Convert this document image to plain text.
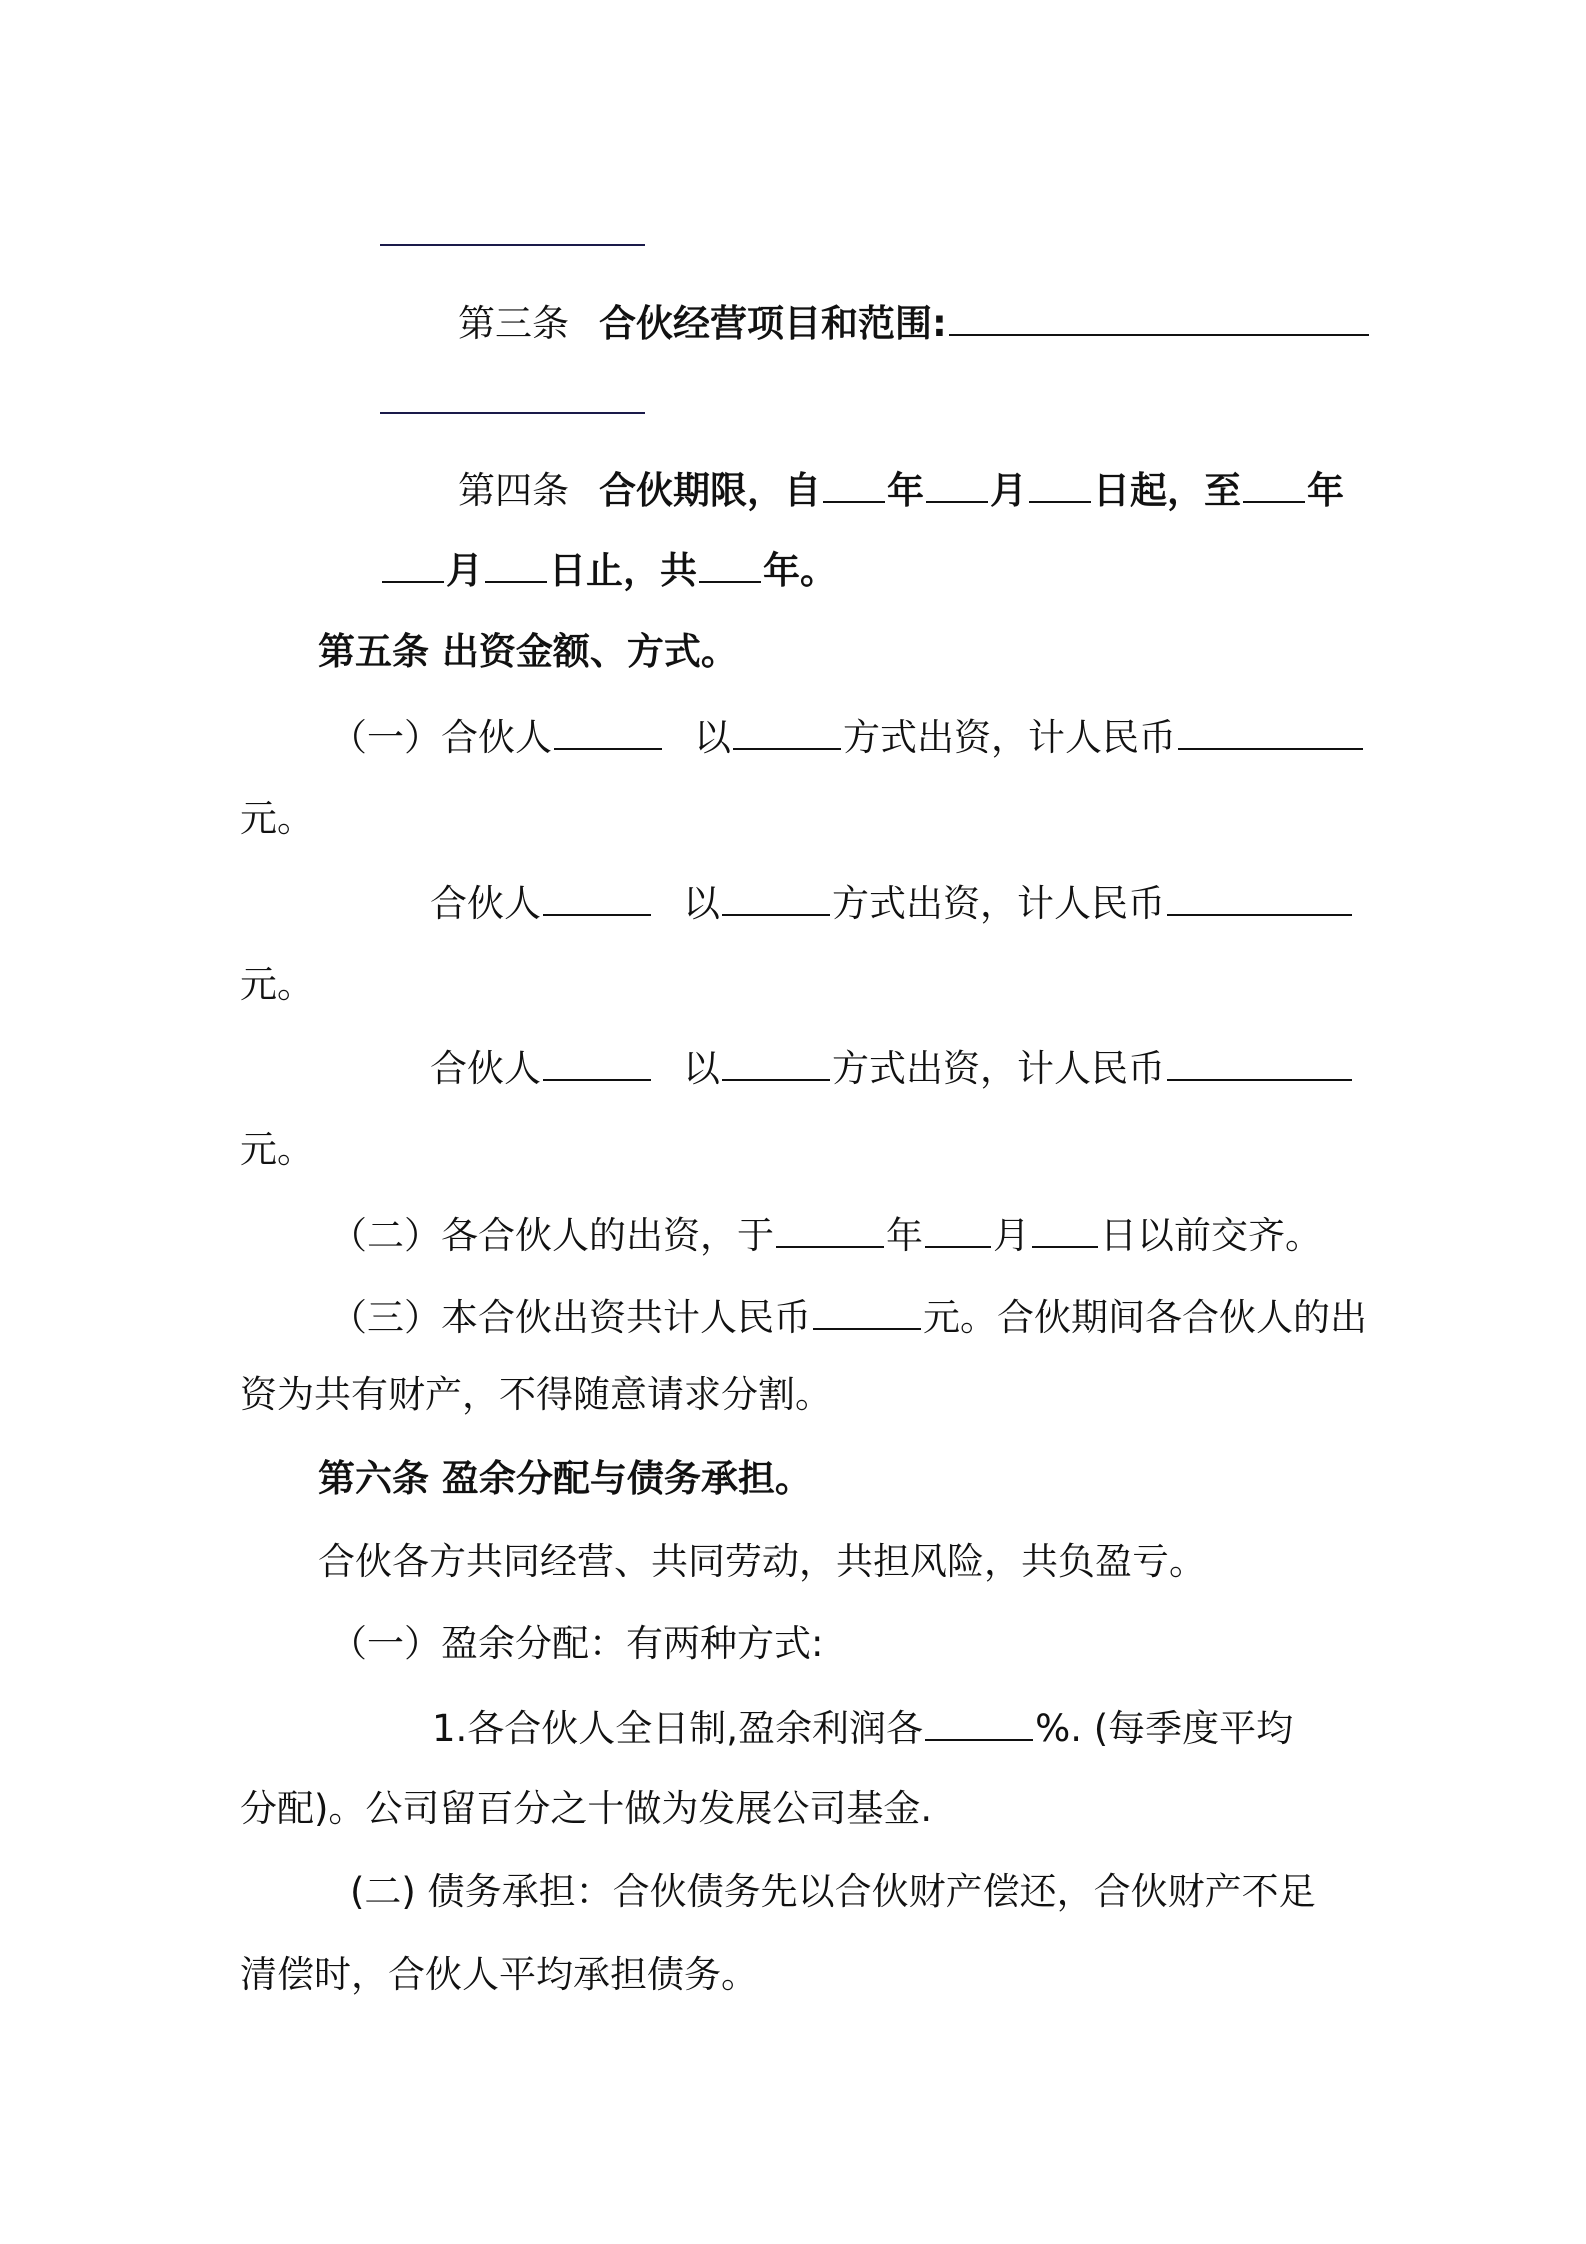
第三条 合伙经营项目和范围:
第四条 合伙期限，自 年 月 日起，至 年
月 日止，共 年。
第五条 出资金额、方式。
（一）合伙人	以	方式出资，计人民币
元。
合伙人	以	方式出资，计人民币
元。
合伙人	以	方式出资，计人民币
元。
（二）各合伙人的出资，于	年 月 日以前交齐。
（三）本合伙出资共计人民币	元。合伙期间各合伙人的出
资为共有财产，不得随意请求分割。
第六条 盈余分配与债务承担。
合伙各方共同经营、共同劳动，共担风险，共负盈亏。
（一）盈余分配：有两种方式:
1.各合伙人全日制,盈余利润各	%. (每季度平均
分配)。公司留百分之十做为发展公司基金.
(二) 债务承担：合伙债务先以合伙财产偿还，合伙财产不足
清偿时，合伙人平均承担债务。
